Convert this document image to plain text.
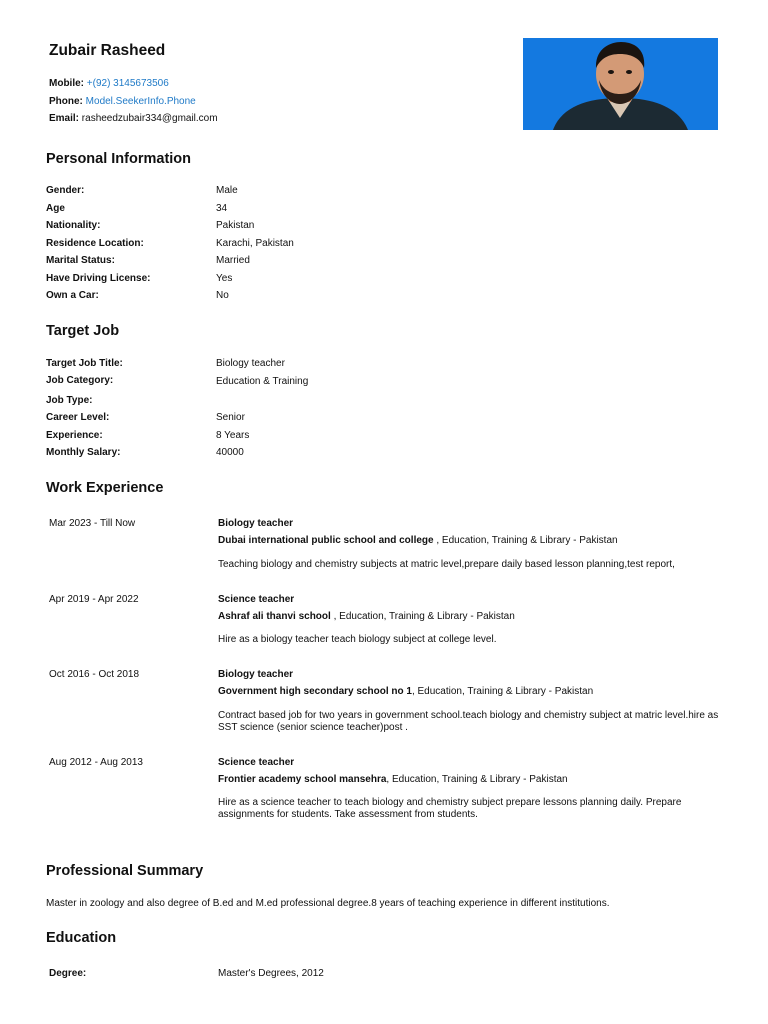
Zubair Rasheed
Mobile: +(92) 3145673506
Phone: Model.SeekerInfo.Phone
Email: rasheedzubair334@gmail.com
Personal Information
Gender:	Male
Age	34
Nationality:	Pakistan
Residence Location:	Karachi, Pakistan
Marital Status:	Married
Have Driving License:	Yes
Own a Car:	No
Target Job
Target Job Title:	Biology teacher
Job Category:	Education & Training
Job Type:
Career Level:	Senior
Experience:	8 Years
Monthly Salary:	40000
Work Experience
Mar 2023 - Till Now	Biology teacher
Dubai international public school and college , Education, Training & Library - Pakistan
Teaching biology and chemistry subjects at matric level,prepare daily based lesson planning,test report,
Apr 2019 - Apr 2022	Science teacher
Ashraf ali thanvi school , Education, Training & Library - Pakistan
Hire as a biology teacher teach biology subject at college level.
Oct 2016 - Oct 2018	Biology teacher
Government high secondary school no 1, Education, Training & Library - Pakistan
Contract based job for two years in government school.teach biology and chemistry subject at matric level.hire as SST science (senior science teacher)post .
Aug 2012 - Aug 2013	Science teacher
Frontier academy school mansehra, Education, Training & Library - Pakistan
Hire as a science teacher to teach biology and chemistry subject prepare lessons planning daily. Prepare assignments for students. Take assessment from students.
Professional Summary
Master in zoology and also degree of B.ed and M.ed professional degree.8 years of teaching experience in different institutions.
Education
Degree:	Master's Degrees, 2012
